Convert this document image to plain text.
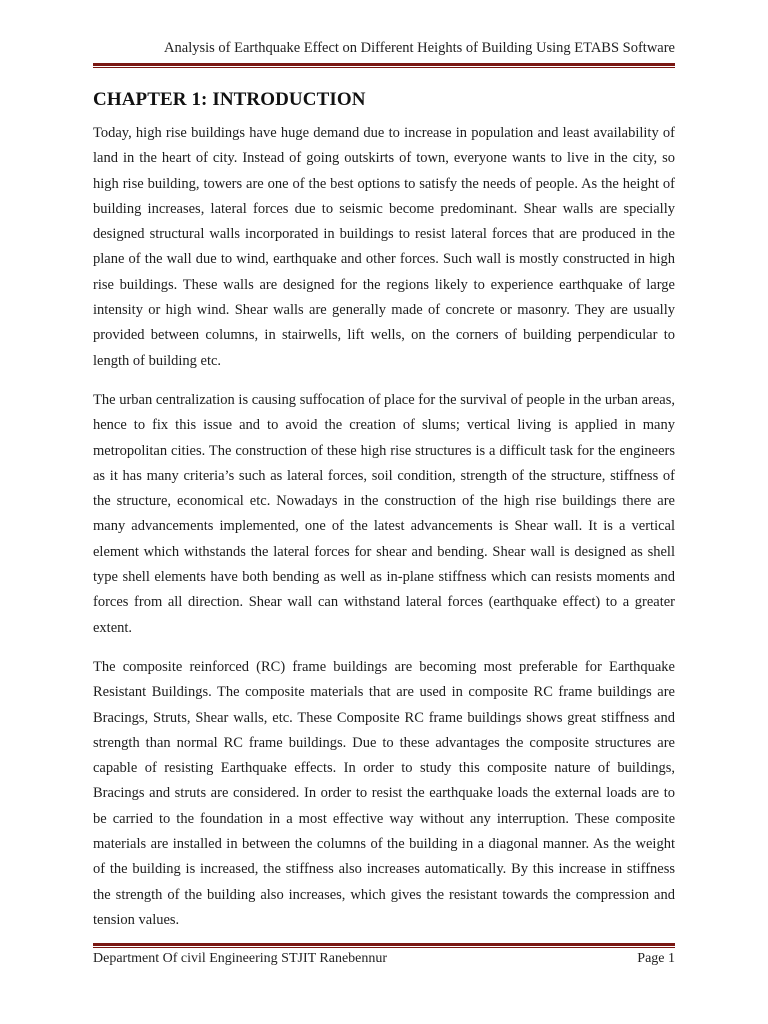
Analysis of Earthquake Effect on Different Heights of Building Using ETABS Software
CHAPTER 1: INTRODUCTION

Today, high rise buildings have huge demand due to increase in population and least availability of land in the heart of city. Instead of going outskirts of town, everyone wants to live in the city, so high rise building, towers are one of the best options to satisfy the needs of people. As the height of building increases, lateral forces due to seismic become predominant. Shear walls are specially designed structural walls incorporated in buildings to resist lateral forces that are produced in the plane of the wall due to wind, earthquake and other forces. Such wall is mostly constructed in high rise buildings. These walls are designed for the regions likely to experience earthquake of large intensity or high wind. Shear walls are generally made of concrete or masonry. They are usually provided between columns, in stairwells, lift wells, on the corners of building perpendicular to length of building etc.

The urban centralization is causing suffocation of place for the survival of people in the urban areas, hence to fix this issue and to avoid the creation of slums; vertical living is applied in many metropolitan cities. The construction of these high rise structures is a difficult task for the engineers as it has many criteria’s such as lateral forces, soil condition, strength of the structure, stiffness of the structure, economical etc. Nowadays in the construction of the high rise buildings there are many advancements implemented, one of the latest advancements is Shear wall. It is a vertical element which withstands the lateral forces for shear and bending. Shear wall is designed as shell type shell elements have both bending as well as in-plane stiffness which can resists moments and forces from all direction. Shear wall can withstand lateral forces (earthquake effect) to a greater extent.

The composite reinforced (RC) frame buildings are becoming most preferable for Earthquake Resistant Buildings. The composite materials that are used in composite RC frame buildings are Bracings, Struts, Shear walls, etc. These Composite RC frame buildings shows great stiffness and strength than normal RC frame buildings. Due to these advantages the composite structures are capable of resisting Earthquake effects. In order to study this composite nature of buildings, Bracings and struts are considered. In order to resist the earthquake loads the external loads are to be carried to the foundation in a most effective way without any interruption. These composite materials are installed in between the columns of the building in a diagonal manner. As the weight of the building is increased, the stiffness also increases automatically. By this increase in stiffness the strength of the building also increases, which gives the resistant towards the compression and tension values.

Department Of civil Engineering STJIT Ranebennur	Page 1
